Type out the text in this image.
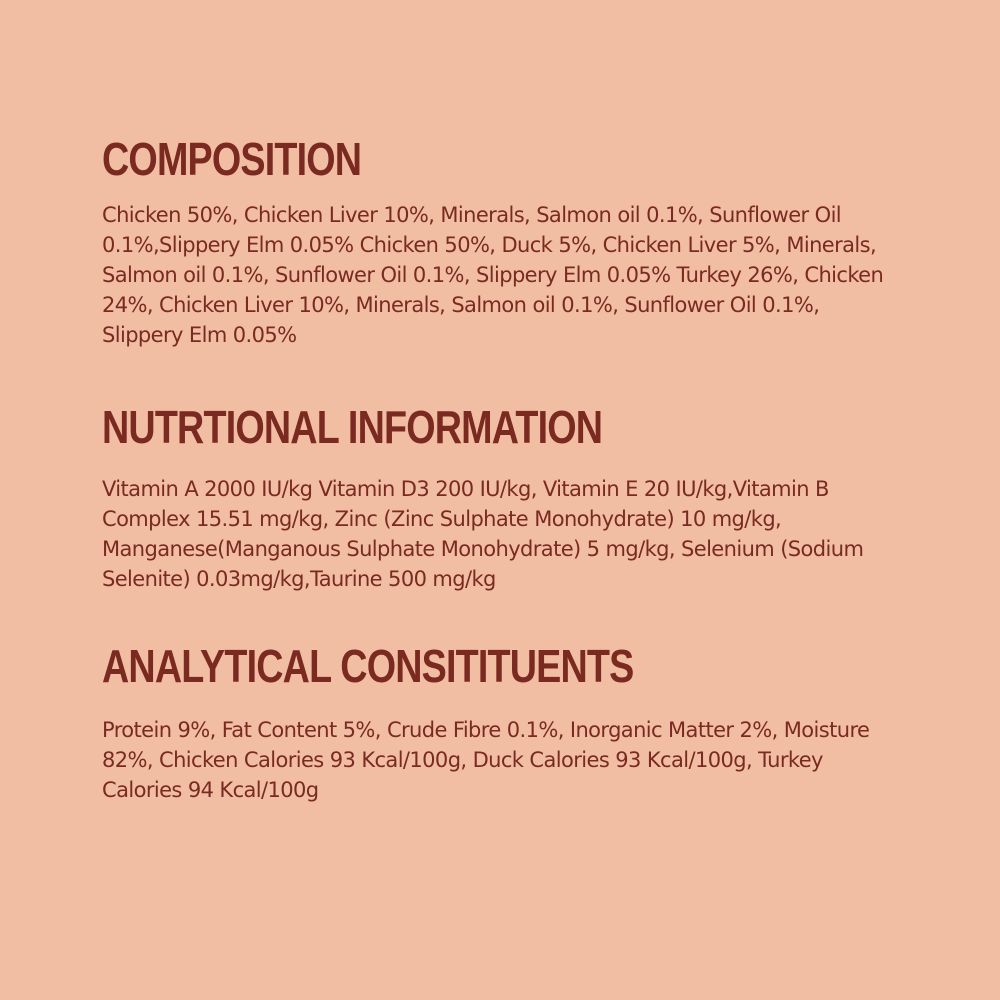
COMPOSITION

Chicken 50%, Chicken Liver 10%, Minerals, Salmon oil 0.1%, Sunflower Oil 0.1%,Slippery Elm 0.05% Chicken 50%, Duck 5%, Chicken Liver 5%, Minerals, Salmon oil 0.1%, Sunflower Oil 0.1%, Slippery Elm 0.05% Turkey 26%, Chicken 24%, Chicken Liver 10%, Minerals, Salmon oil 0.1%, Sunflower Oil 0.1%, Slippery Elm 0.05%

NUTRTIONAL INFORMATION

Vitamin A 2000 IU/kg Vitamin D3 200 IU/kg, Vitamin E 20 IU/kg,Vitamin B Complex 15.51 mg/kg, Zinc (Zinc Sulphate Monohydrate) 10 mg/kg, Manganese(Manganous Sulphate Monohydrate) 5 mg/kg, Selenium (Sodium Selenite) 0.03mg/kg,Taurine 500 mg/kg

ANALYTICAL CONSITITUENTS

Protein 9%, Fat Content 5%, Crude Fibre 0.1%, Inorganic Matter 2%, Moisture 82%, Chicken Calories 93 Kcal/100g, Duck Calories 93 Kcal/100g, Turkey Calories 94 Kcal/100g
